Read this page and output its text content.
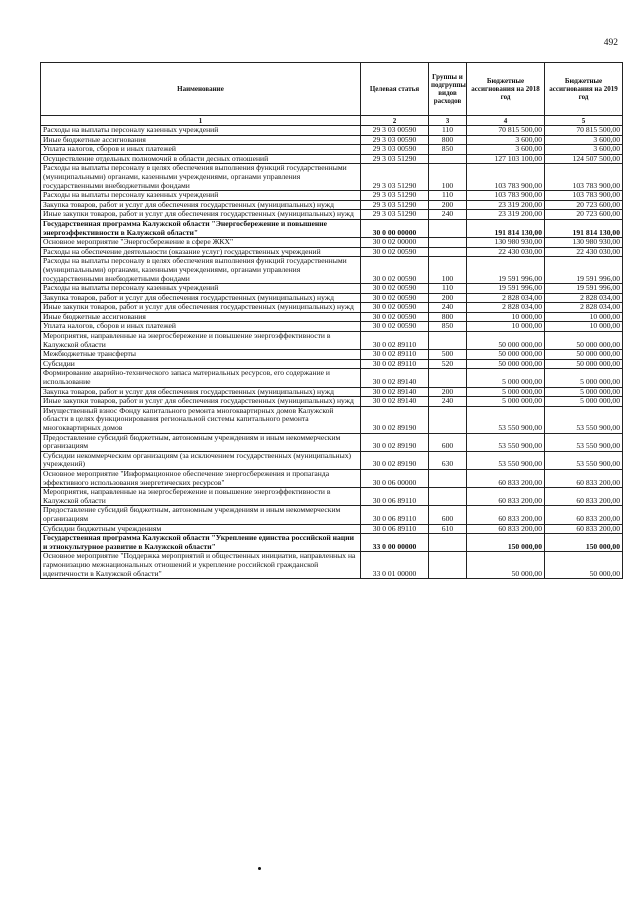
492
Наименование	Целевая статья	Группы и подгруппы видов расходов	Бюджетные ассигнования на 2018 год	Бюджетные ассигнования на 2019 год
1	2	3	4	5
Расходы на выплаты персоналу казенных учреждений	29 3 03 00590	110	70 815 500,00	70 815 500,00
Иные бюджетные ассигнования	29 3 03 00590	800	3 600,00	3 600,00
Уплата налогов, сборов и иных платежей	29 3 03 00590	850	3 600,00	3 600,00
Осуществление отдельных полномочий в области десных отношений	29 3 03 51290		127 103 100,00	124 507 500,00
Расходы на выплаты персоналу в целях обеспечения выполнения функций государственными (муниципальными) органами, казенными учреждениями, органами управления государственными внебюджетными фондами	29 3 03 51290	100	103 783 900,00	103 783 900,00
Расходы на выплаты персоналу казенных учреждений	29 3 03 51290	110	103 783 900,00	103 783 900,00
Закупка товаров, работ и услуг для обеспечения государственных (муниципальных) нужд	29 3 03 51290	200	23 319 200,00	20 723 600,00
Иные закупки товаров, работ и услуг для обеспечения государственных (муниципальных) нужд	29 3 03 51290	240	23 319 200,00	20 723 600,00
Государственная программа Калужской области "Энергосбережение и повышение энергоэффективности в Калужской области"	30 0 00 00000		191 814 130,00	191 814 130,00
Основное мероприятие "Энергосбережение в сфере ЖКХ"	30 0 02 00000		130 980 930,00	130 980 930,00
Расходы на обеспечение деятельности (оказание услуг) государственных учреждений	30 0 02 00590		22 430 030,00	22 430 030,00
Расходы на выплаты персоналу в целях обеспечения выполнения функций государственными (муниципальными) органами, казенными учреждениями, органами управления государственными внебюджетными фондами	30 0 02 00590	100	19 591 996,00	19 591 996,00
Расходы на выплаты персоналу казенных учреждений	30 0 02 00590	110	19 591 996,00	19 591 996,00
Закупка товаров, работ и услуг для обеспечения государственных (муниципальных) нужд	30 0 02 00590	200	2 828 034,00	2 828 034,00
Иные закупки товаров, работ и услуг для обеспечения государственных (муниципальных) нужд	30 0 02 00590	240	2 828 034,00	2 828 034,00
Иные бюджетные ассигнования	30 0 02 00590	800	10 000,00	10 000,00
Уплата налогов, сборов и иных платежей	30 0 02 00590	850	10 000,00	10 000,00
Мероприятия, направленные на энергосбережение и повышение энергоэффективности в Калужской области	30 0 02 89110		50 000 000,00	50 000 000,00
Межбюджетные трансферты	30 0 02 89110	500	50 000 000,00	50 000 000,00
Субсидии	30 0 02 89110	520	50 000 000,00	50 000 000,00
Формирование аварийно-технического запаса материальных ресурсов, его содержание и использование	30 0 02 89140		5 000 000,00	5 000 000,00
Закупка товаров, работ и услуг для обеспечения государственных (муниципальных) нужд	30 0 02 89140	200	5 000 000,00	5 000 000,00
Иные закупки товаров, работ и услуг для обеспечения государственных (муниципальных) нужд	30 0 02 89140	240	5 000 000,00	5 000 000,00
Имущественный взнос Фонду капитального ремонта многоквартирных домов Калужской области в целях функционирования региональной системы капитального ремонта многоквартирных домов	30 0 02 89190		53 550 900,00	53 550 900,00
Предоставление субсидий бюджетным, автономным учреждениям и иным некоммерческим организациям	30 0 02 89190	600	53 550 900,00	53 550 900,00
Субсидии некоммерческим организациям (за исключением государственных (муниципальных) учреждений)	30 0 02 89190	630	53 550 900,00	53 550 900,00
Основное мероприятие "Информационное обеспечение энергосбережения и пропаганда эффективного использования энергетических ресурсов"	30 0 06 00000		60 833 200,00	60 833 200,00
Мероприятия, направленные на энергосбережение и повышение энергоэффективности в Калужской области	30 0 06 89110		60 833 200,00	60 833 200,00
Предоставление субсидий бюджетным, автономным учреждениям и иным некоммерческим организациям	30 0 06 89110	600	60 833 200,00	60 833 200,00
Субсидии бюджетным учреждениям	30 0 06 89110	610	60 833 200,00	60 833 200,00
Государственная программа Калужской области "Укрепление единства российской нации и этнокультурное развитие в Калужской области"	33 0 00 00000		150 000,00	150 000,00
Основное мероприятие "Поддержка мероприятий и общественных инициатив, направленных на гармонизацию межнациональных отношений и укрепление российской гражданской идентичности в Калужской области"	33 0 01 00000		50 000,00	50 000,00
